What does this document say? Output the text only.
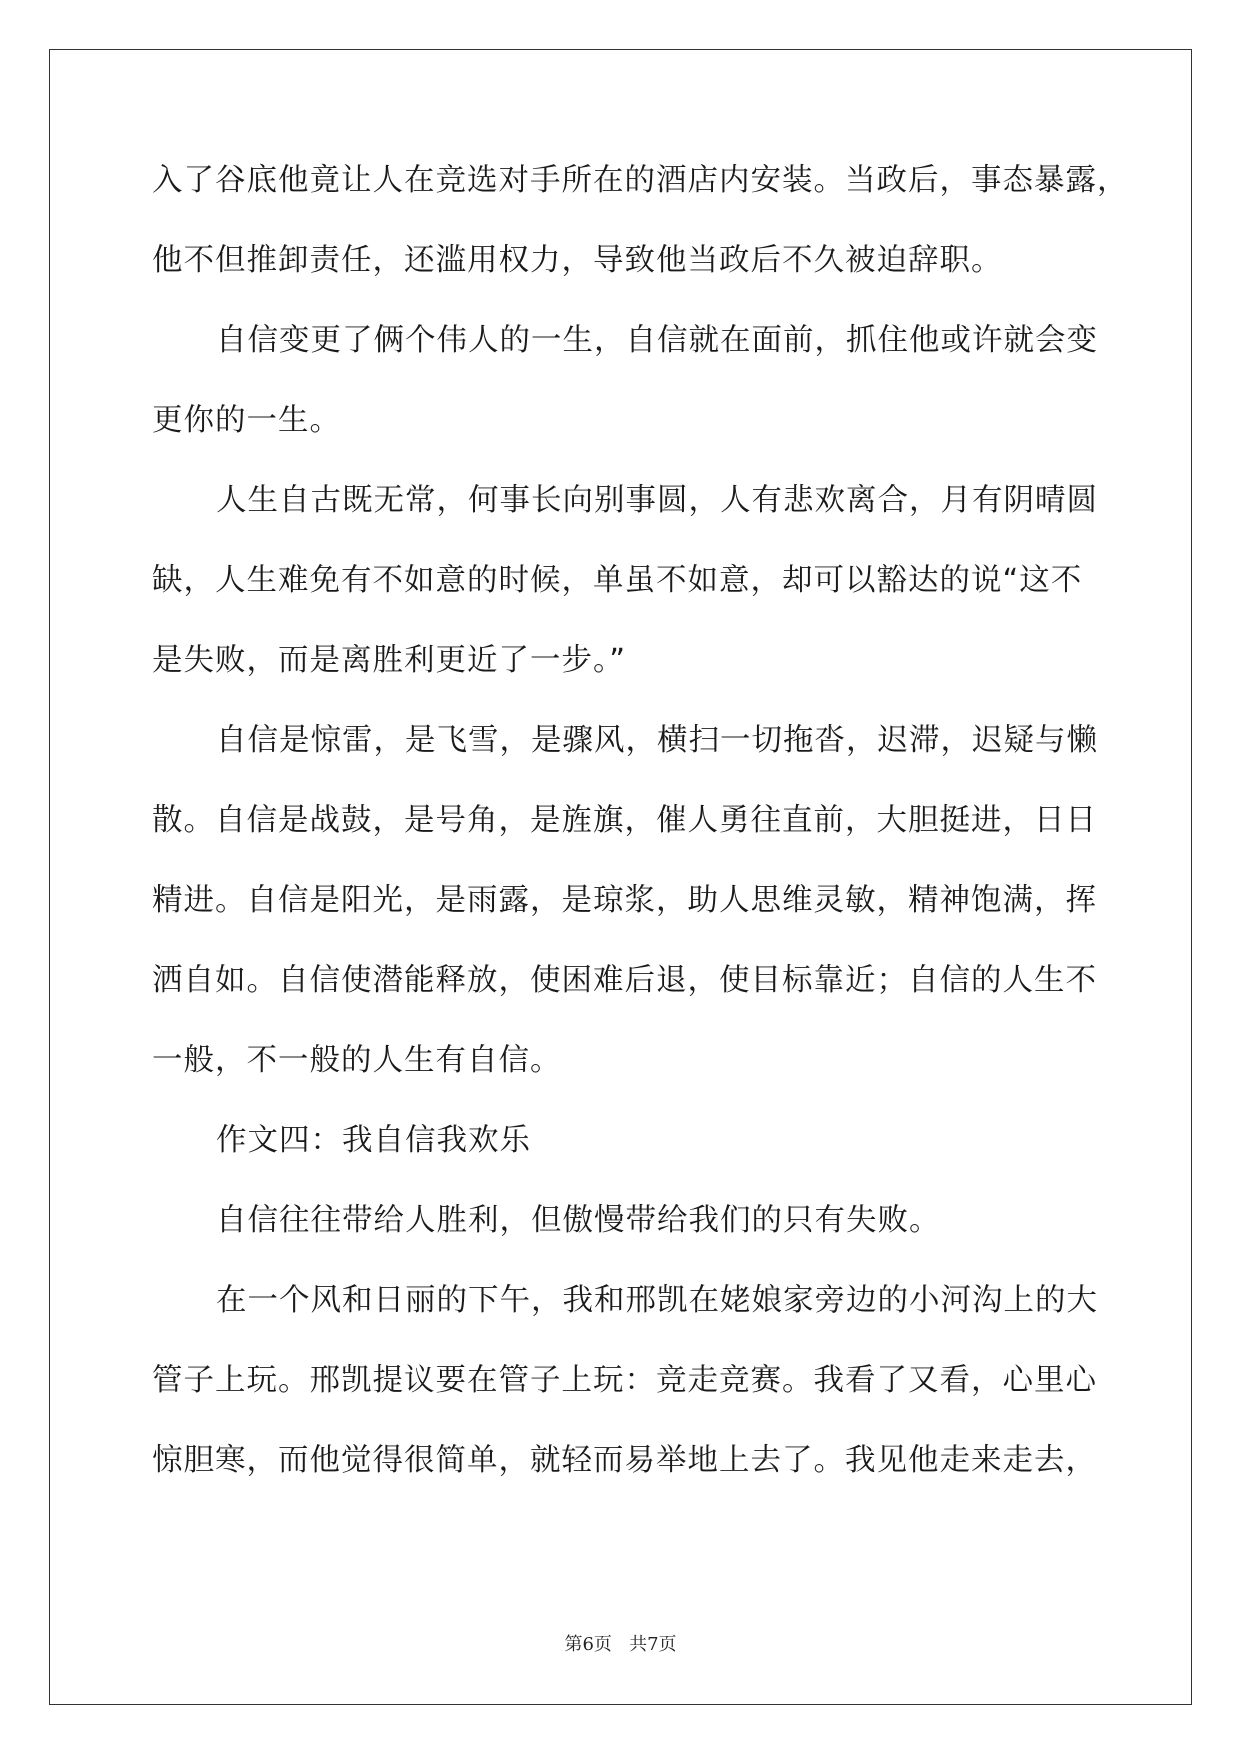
入了谷底他竟让人在竞选对手所在的酒店内安装。当政后，事态暴露，
他不但推卸责任，还滥用权力，导致他当政后不久被迫辞职。
自信变更了俩个伟人的一生，自信就在面前，抓住他或许就会变
更你的一生。
人生自古既无常，何事长向别事圆，人有悲欢离合，月有阴晴圆
缺，人生难免有不如意的时候，单虽不如意，却可以豁达的说“这不
是失败，而是离胜利更近了一步。”
自信是惊雷，是飞雪，是骤风，横扫一切拖沓，迟滞，迟疑与懒
散。自信是战鼓，是号角，是旌旗，催人勇往直前，大胆挺进，日日
精进。自信是阳光，是雨露，是琼浆，助人思维灵敏，精神饱满，挥
洒自如。自信使潜能释放，使困难后退，使目标靠近；自信的人生不
一般，不一般的人生有自信。
作文四：我自信我欢乐
自信往往带给人胜利，但傲慢带给我们的只有失败。
在一个风和日丽的下午，我和邢凯在姥娘家旁边的小河沟上的大
管子上玩。邢凯提议要在管子上玩：竞走竞赛。我看了又看，心里心
惊胆寒，而他觉得很简单，就轻而易举地上去了。我见他走来走去，
第6页   共7页
